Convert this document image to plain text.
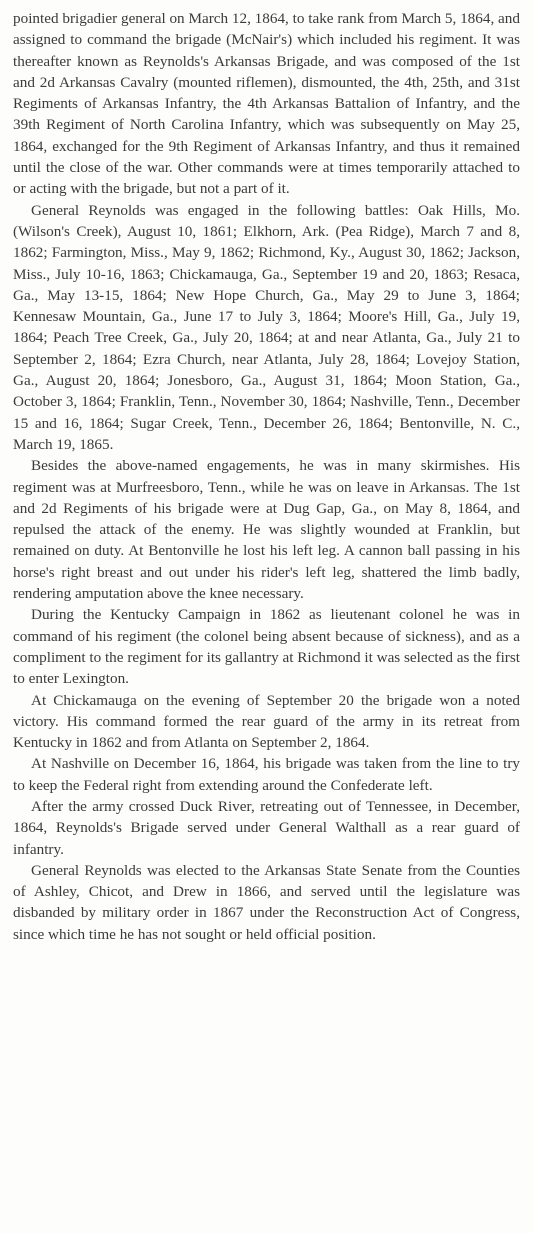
pointed brigadier general on March 12, 1864, to take rank from March 5, 1864, and assigned to command the brigade (McNair's) which included his regiment. It was thereafter known as Reynolds's Arkansas Brigade, and was composed of the 1st and 2d Arkansas Cavalry (mounted riflemen), dismounted, the 4th, 25th, and 31st Regiments of Arkansas Infantry, the 4th Arkansas Battalion of Infantry, and the 39th Regiment of North Carolina Infantry, which was subsequently on May 25, 1864, exchanged for the 9th Regiment of Arkansas Infantry, and thus it remained until the close of the war. Other commands were at times temporarily attached to or acting with the brigade, but not a part of it.

General Reynolds was engaged in the following battles: Oak Hills, Mo. (Wilson's Creek), August 10, 1861; Elkhorn, Ark. (Pea Ridge), March 7 and 8, 1862; Farmington, Miss., May 9, 1862; Richmond, Ky., August 30, 1862; Jackson, Miss., July 10-16, 1863; Chickamauga, Ga., September 19 and 20, 1863; Resaca, Ga., May 13-15, 1864; New Hope Church, Ga., May 29 to June 3, 1864; Kennesaw Mountain, Ga., June 17 to July 3, 1864; Moore's Hill, Ga., July 19, 1864; Peach Tree Creek, Ga., July 20, 1864; at and near Atlanta, Ga., July 21 to September 2, 1864; Ezra Church, near Atlanta, July 28, 1864; Lovejoy Station, Ga., August 20, 1864; Jonesboro, Ga., August 31, 1864; Moon Station, Ga., October 3, 1864; Franklin, Tenn., November 30, 1864; Nashville, Tenn., December 15 and 16, 1864; Sugar Creek, Tenn., December 26, 1864; Bentonville, N. C., March 19, 1865.

Besides the above-named engagements, he was in many skirmishes. His regiment was at Murfreesboro, Tenn., while he was on leave in Arkansas. The 1st and 2d Regiments of his brigade were at Dug Gap, Ga., on May 8, 1864, and repulsed the attack of the enemy. He was slightly wounded at Franklin, but remained on duty. At Bentonville he lost his left leg. A cannon ball passing in his horse's right breast and out under his rider's left leg, shattered the limb badly, rendering amputation above the knee necessary.

During the Kentucky Campaign in 1862 as lieutenant colonel he was in command of his regiment (the colonel being absent because of sickness), and as a compliment to the regiment for its gallantry at Richmond it was selected as the first to enter Lexington.

At Chickamauga on the evening of September 20 the brigade won a noted victory. His command formed the rear guard of the army in its retreat from Kentucky in 1862 and from Atlanta on September 2, 1864.

At Nashville on December 16, 1864, his brigade was taken from the line to try to keep the Federal right from extending around the Confederate left.

After the army crossed Duck River, retreating out of Tennessee, in December, 1864, Reynolds's Brigade served under General Walthall as a rear guard of infantry.

General Reynolds was elected to the Arkansas State Senate from the Counties of Ashley, Chicot, and Drew in 1866, and served until the legislature was disbanded by military order in 1867 under the Reconstruction Act of Congress, since which time he has not sought or held official position.
